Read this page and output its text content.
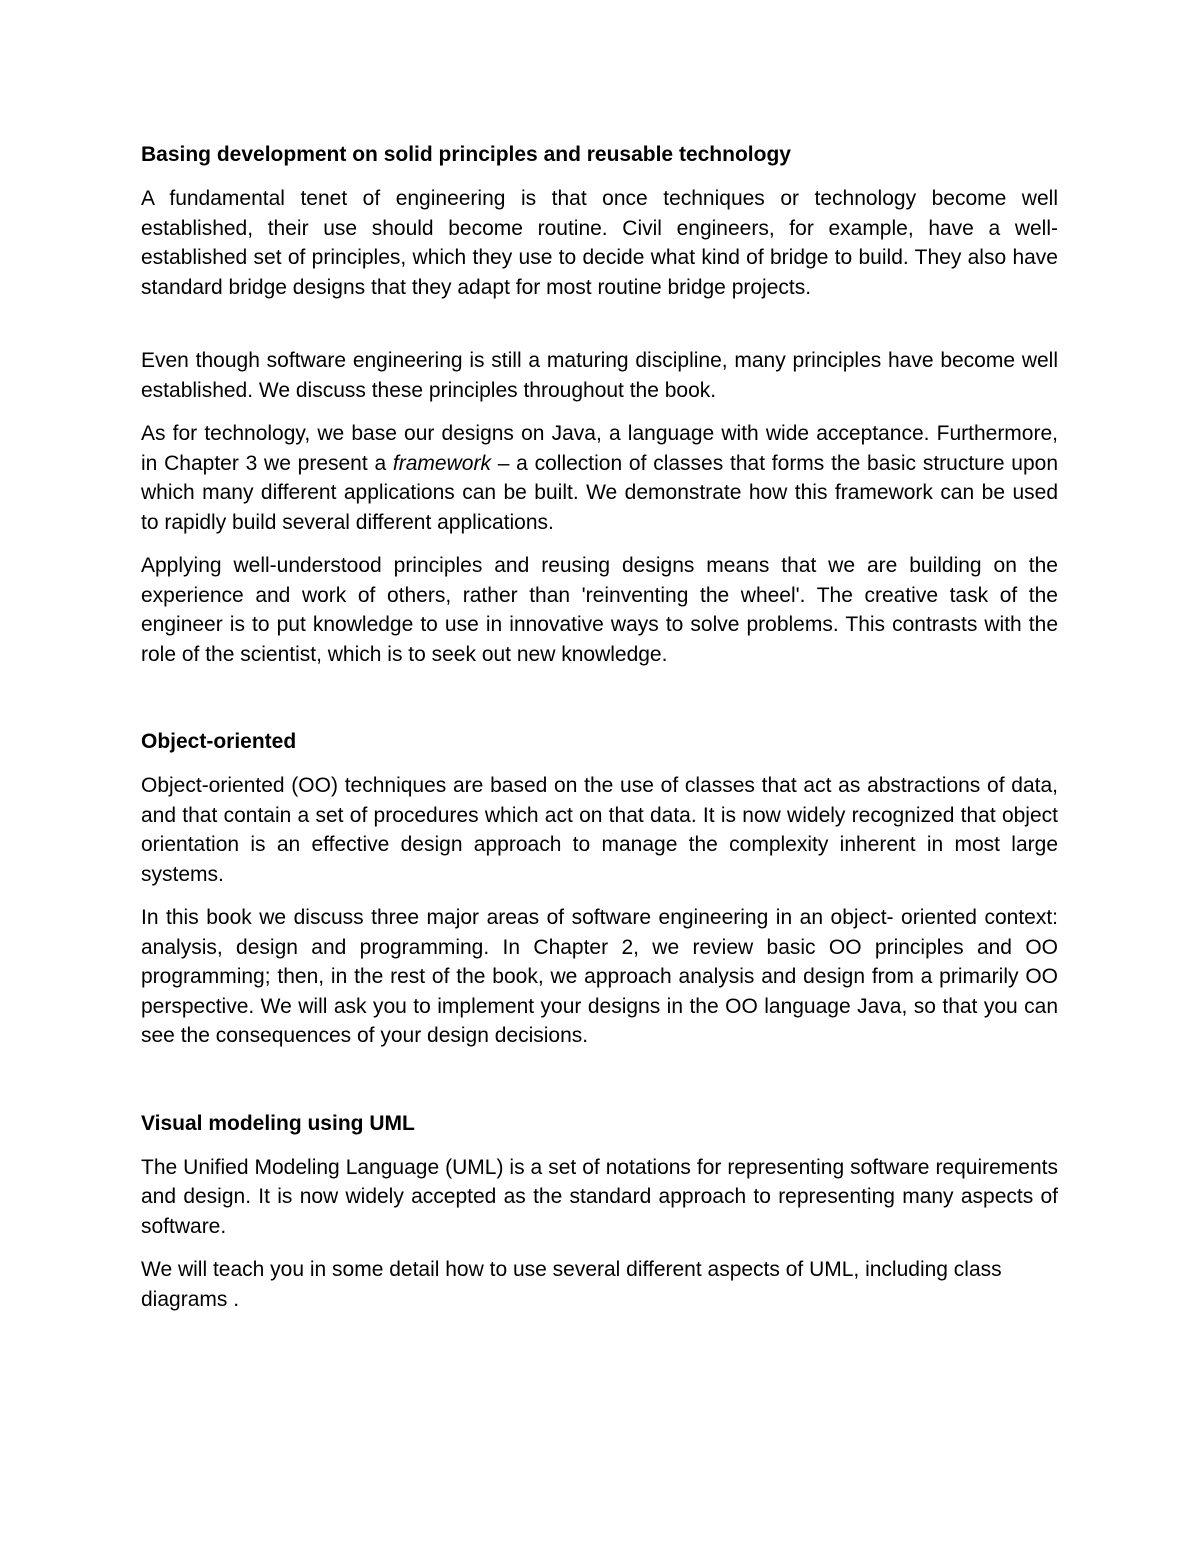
Basing development on solid principles and reusable technology

A fundamental tenet of engineering is that once techniques or technology become well established, their use should become routine. Civil engineers, for example, have a well-established set of principles, which they use to decide what kind of bridge to build. They also have standard bridge designs that they adapt for most routine bridge projects.

Even though software engineering is still a maturing discipline, many principles have become well established. We discuss these principles throughout the book.

As for technology, we base our designs on Java, a language with wide acceptance. Furthermore, in Chapter 3 we present a framework – a collection of classes that forms the basic structure upon which many different applications can be built. We demonstrate how this framework can be used to rapidly build several different applications.

Applying well-understood principles and reusing designs means that we are building on the experience and work of others, rather than 'reinventing the wheel'. The creative task of the engineer is to put knowledge to use in innovative ways to solve problems. This contrasts with the role of the scientist, which is to seek out new knowledge.

Object-oriented

Object-oriented (OO) techniques are based on the use of classes that act as abstractions of data, and that contain a set of procedures which act on that data. It is now widely recognized that object orientation is an effective design approach to manage the complexity inherent in most large systems.

In this book we discuss three major areas of software engineering in an object- oriented context: analysis, design and programming. In Chapter 2, we review basic OO principles and OO programming; then, in the rest of the book, we approach analysis and design from a primarily OO perspective. We will ask you to implement your designs in the OO language Java, so that you can see the consequences of your design decisions.

Visual modeling using UML

The Unified Modeling Language (UML) is a set of notations for representing software requirements and design. It is now widely accepted as the standard approach to representing many aspects of software.

We will teach you in some detail how to use several different aspects of UML, including class diagrams .
